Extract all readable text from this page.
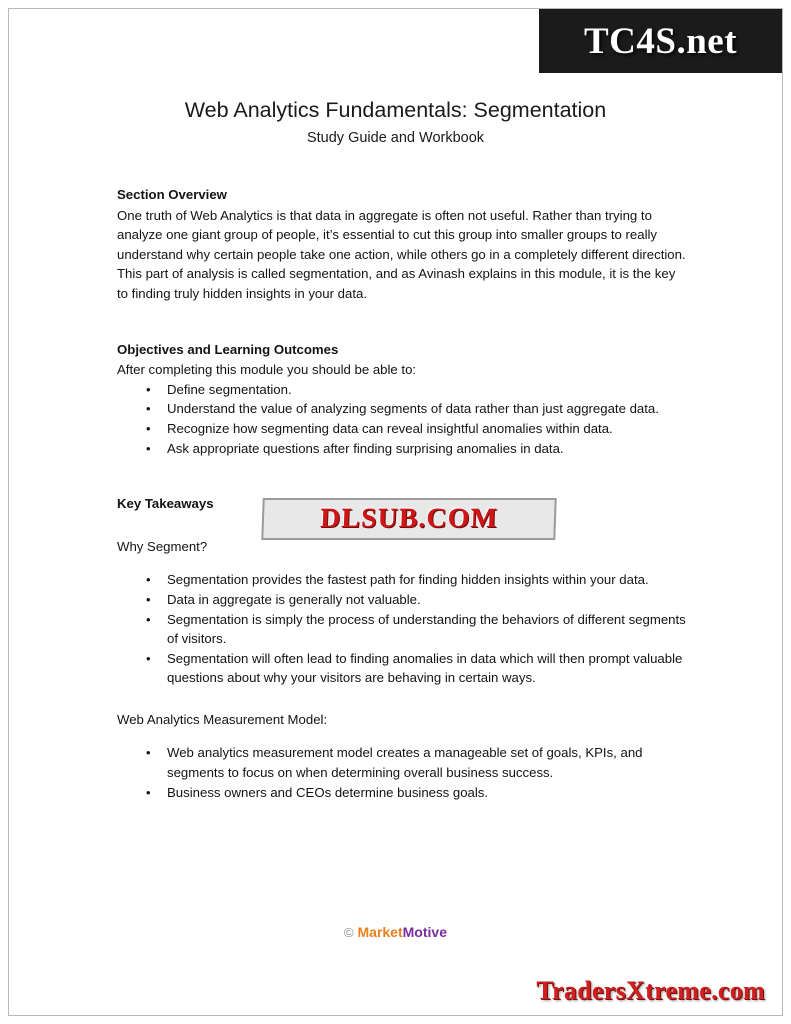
TC4S.net
Web Analytics Fundamentals: Segmentation
Study Guide and Workbook
Section Overview

One truth of Web Analytics is that data in aggregate is often not useful. Rather than trying to analyze one giant group of people, it’s essential to cut this group into smaller groups to really understand why certain people take one action, while others go in a completely different direction. This part of analysis is called segmentation, and as Avinash explains in this module, it is the key to finding truly hidden insights in your data.

Objectives and Learning Outcomes

After completing this module you should be able to:

• Define segmentation.
• Understand the value of analyzing segments of data rather than just aggregate data.
• Recognize how segmenting data can reveal insightful anomalies within data.
• Ask appropriate questions after finding surprising anomalies in data.
Key Takeaways

Why Segment?

• Segmentation provides the fastest path for finding hidden insights within your data.
• Data in aggregate is generally not valuable.
• Segmentation is simply the process of understanding the behaviors of different segments of visitors.
• Segmentation will often lead to finding anomalies in data which will then prompt valuable questions about why your visitors are behaving in certain ways.

Web Analytics Measurement Model:

• Web analytics measurement model creates a manageable set of goals, KPIs, and segments to focus on when determining overall business success.
• Business owners and CEOs determine business goals.
DLSUB.COM
© MarketMotive
TradersXtreme.com
